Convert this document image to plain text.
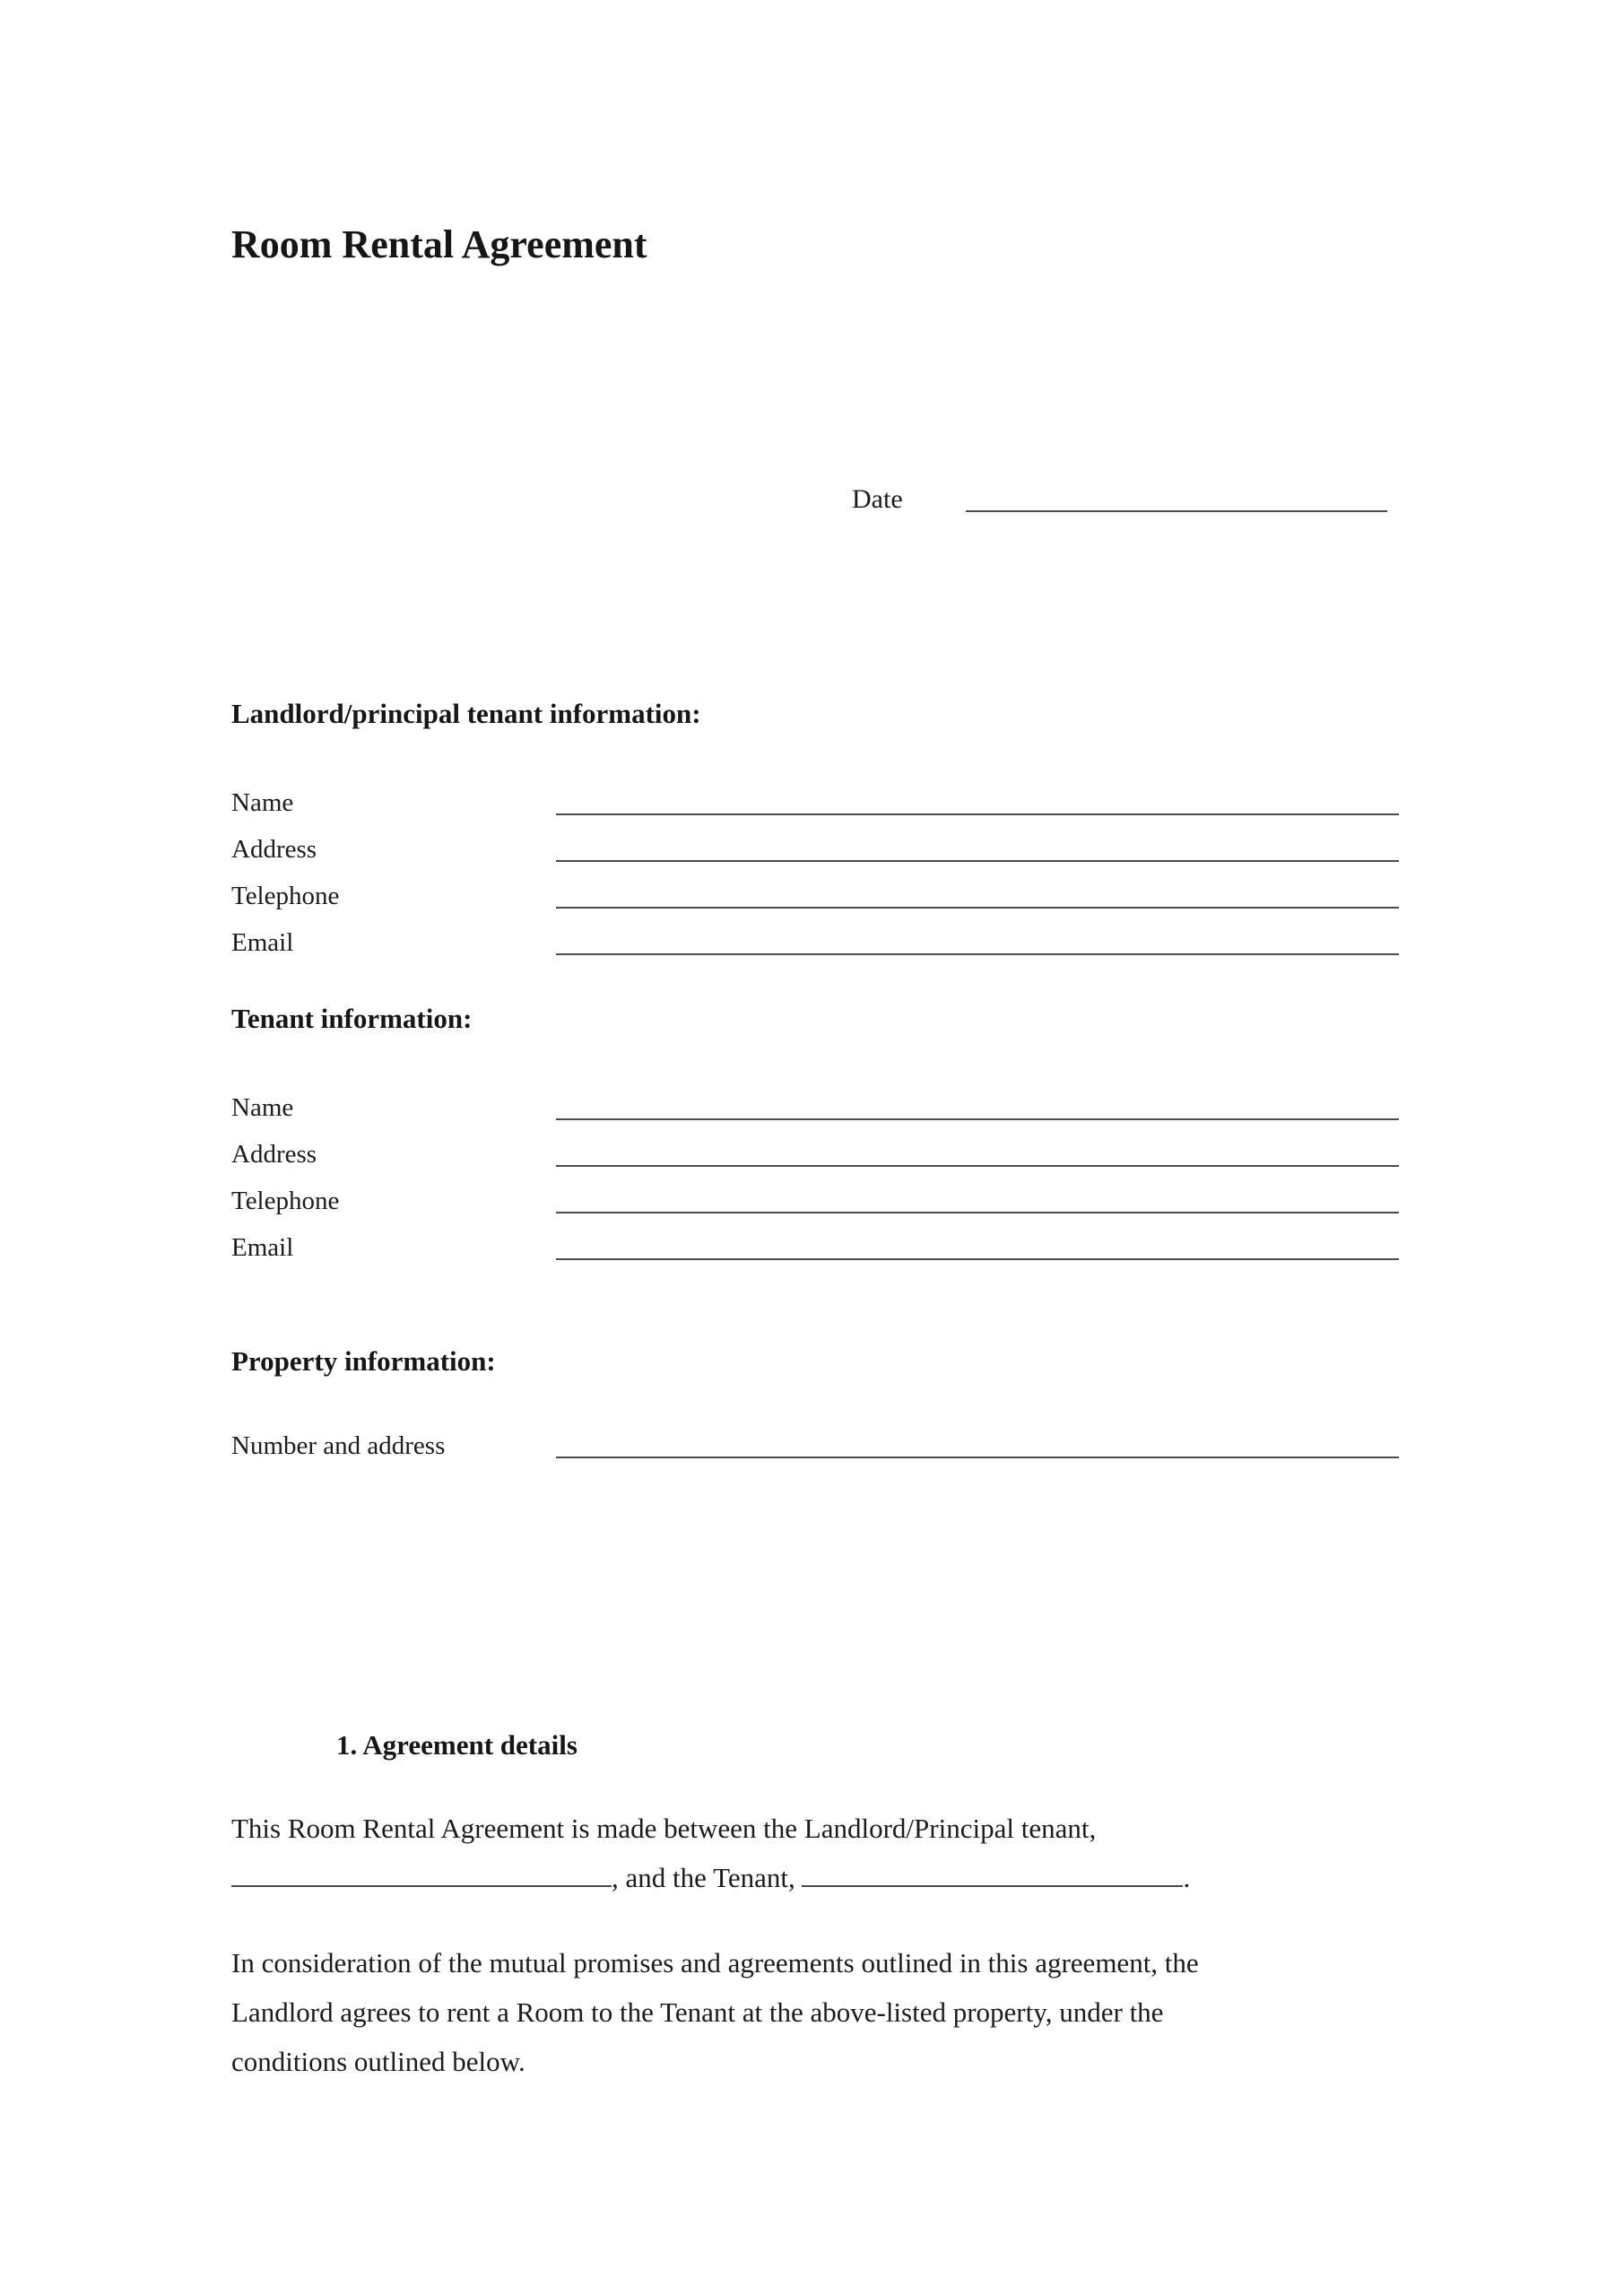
Room Rental Agreement
Date
Landlord/principal tenant information:
Name
Address
Telephone
Email
Tenant information:
Name
Address
Telephone
Email
Property information:
Number and address
1. Agreement details

This Room Rental Agreement is made between the Landlord/Principal tenant,
, and the Tenant,	.

In consideration of the mutual promises and agreements outlined in this agreement, the
Landlord agrees to rent a Room to the Tenant at the above-listed property, under the
conditions outlined below.
